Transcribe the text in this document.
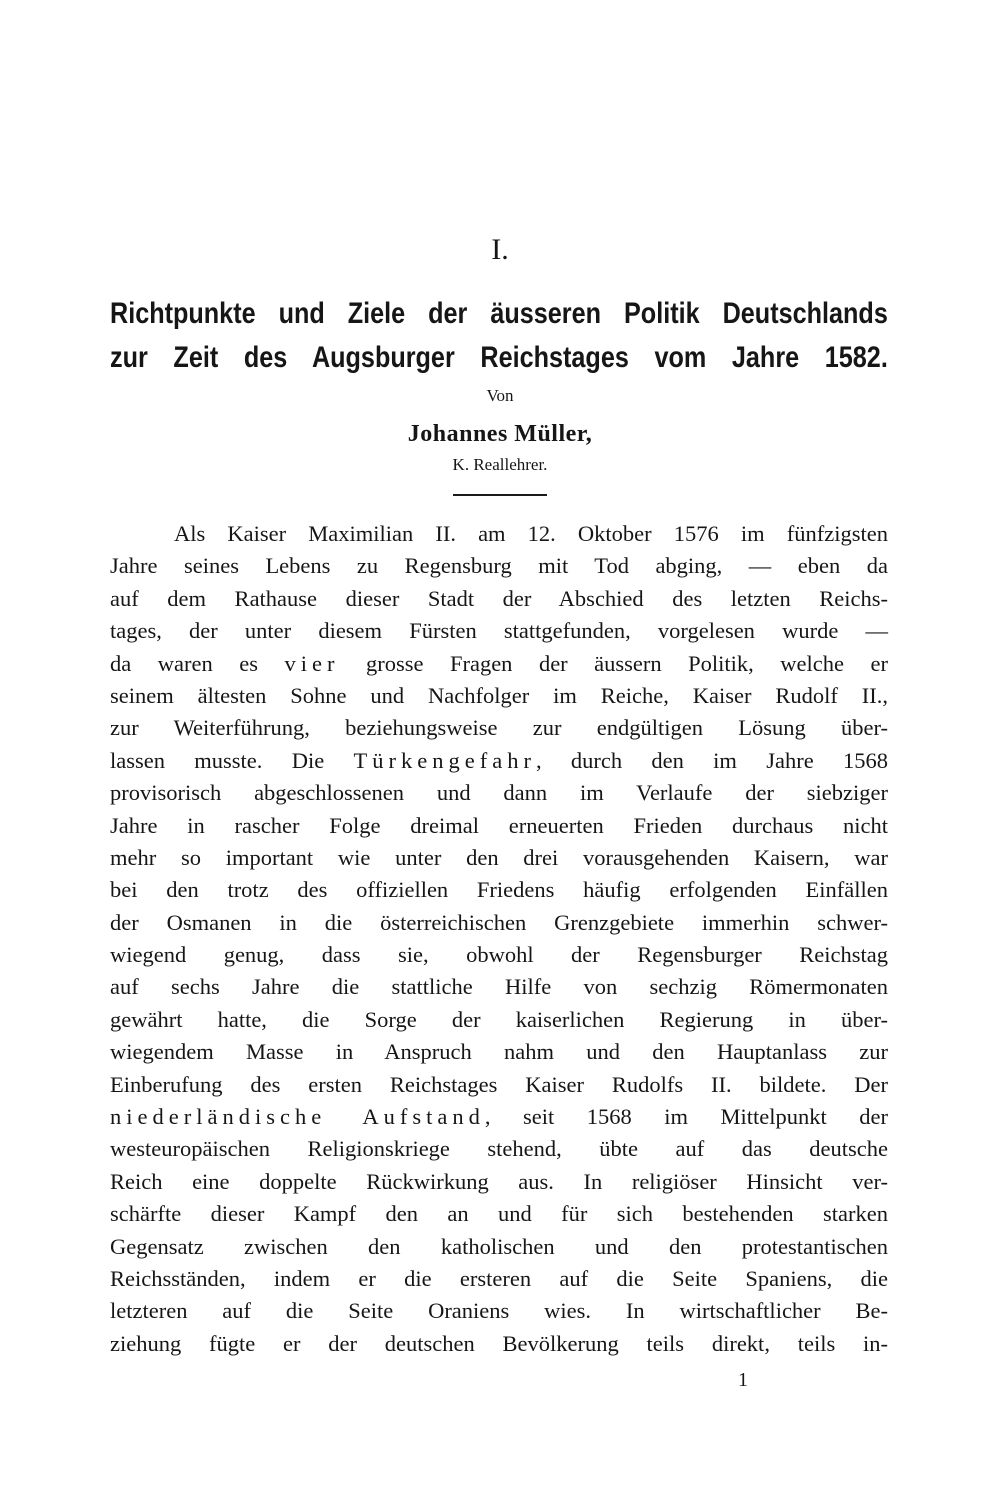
I.
Richtpunkte und Ziele der äusseren Politik Deutschlands
zur Zeit des Augsburger Reichstages vom Jahre 1582.
Von
Johannes Müller,
K. Reallehrer.
Als Kaiser Maximilian II. am 12. Oktober 1576 im fünfzigsten
Jahre seines Lebens zu Regensburg mit Tod abging, — eben da
auf dem Rathause dieser Stadt der Abschied des letzten Reichs-
tages, der unter diesem Fürsten stattgefunden, vorgelesen wurde —
da waren es vier grosse Fragen der äussern Politik, welche er
seinem ältesten Sohne und Nachfolger im Reiche, Kaiser Rudolf II.,
zur Weiterführung, beziehungsweise zur endgültigen Lösung über-
lassen musste. Die Türkengefahr, durch den im Jahre 1568
provisorisch abgeschlossenen und dann im Verlaufe der siebziger
Jahre in rascher Folge dreimal erneuerten Frieden durchaus nicht
mehr so important wie unter den drei vorausgehenden Kaisern, war
bei den trotz des offiziellen Friedens häufig erfolgenden Einfällen
der Osmanen in die österreichischen Grenzgebiete immerhin schwer-
wiegend genug, dass sie, obwohl der Regensburger Reichstag
auf sechs Jahre die stattliche Hilfe von sechzig Römermonaten
gewährt hatte, die Sorge der kaiserlichen Regierung in über-
wiegendem Masse in Anspruch nahm und den Hauptanlass zur
Einberufung des ersten Reichstages Kaiser Rudolfs II. bildete. Der
niederländische Aufstand, seit 1568 im Mittelpunkt der
westeuropäischen Religionskriege stehend, übte auf das deutsche
Reich eine doppelte Rückwirkung aus. In religiöser Hinsicht ver-
schärfte dieser Kampf den an und für sich bestehenden starken
Gegensatz zwischen den katholischen und den protestantischen
Reichsständen, indem er die ersteren auf die Seite Spaniens, die
letzteren auf die Seite Oraniens wies. In wirtschaftlicher Be-
ziehung fügte er der deutschen Bevölkerung teils direkt, teils in-
1
